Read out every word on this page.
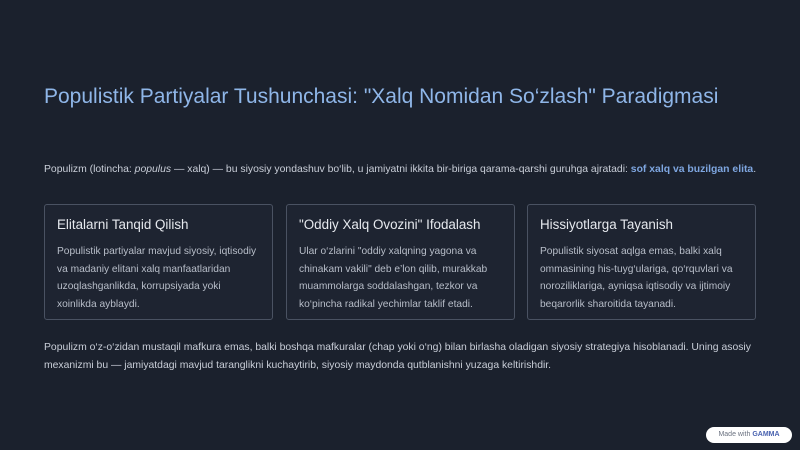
Populistik Partiyalar Tushunchasi: "Xalq Nomidan So‘zlash" Paradigmasi

Populizm (lotincha: populus — xalq) — bu siyosiy yondashuv bo‘lib, u jamiyatni ikkita bir-biriga qarama-qarshi guruhga ajratadi: sof xalq va buzilgan elita.

Elitalarni Tanqid Qilish

Populistik partiyalar mavjud siyosiy, iqtisodiy va madaniy elitani xalq manfaatlaridan uzoqlashganlikda, korrupsiyada yoki xoinlikda ayblaydi.

"Oddiy Xalq Ovozini" Ifodalash

Ular o‘zlarini "oddiy xalqning yagona va chinakam vakili" deb e’lon qilib, murakkab muammolarga soddalashgan, tezkor va ko‘pincha radikal yechimlar taklif etadi.

Hissiyotlarga Tayanish

Populistik siyosat aqlga emas, balki xalq ommasining his-tuyg‘ulariga, qo‘rquvlari va noroziliklariga, ayniqsa iqtisodiy va ijtimoiy beqarorlik sharoitida tayanadi.

Populizm o‘z-o‘zidan mustaqil mafkura emas, balki boshqa mafkuralar (chap yoki o‘ng) bilan birlasha oladigan siyosiy strategiya hisoblanadi. Uning asosiy mexanizmi bu — jamiyatdagi mavjud taranglikni kuchaytirib, siyosiy maydonda qutblanishni yuzaga keltirishdir.

Made with GAMMA
